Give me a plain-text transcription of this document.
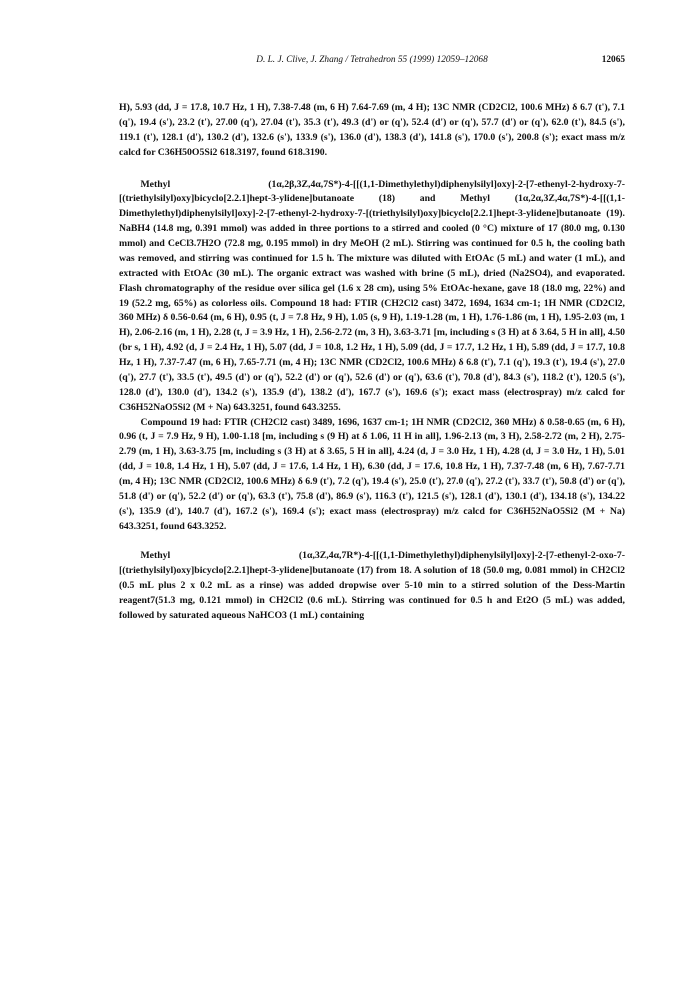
D. L. J. Clive, J. Zhang / Tetrahedron 55 (1999) 12059–12068	12065

H), 5.93 (dd, J = 17.8, 10.7 Hz, 1 H), 7.38-7.48 (m, 6 H) 7.64-7.69 (m, 4 H); 13C NMR (CD2Cl2, 100.6 MHz) δ 6.7 (t'), 7.1 (q'), 19.4 (s'), 23.2 (t'), 27.00 (q'), 27.04 (t'), 35.3 (t'), 49.3 (d') or (q'), 52.4 (d') or (q'), 57.7 (d') or (q'), 62.0 (t'), 84.5 (s'), 119.1 (t'), 128.1 (d'), 130.2 (d'), 132.6 (s'), 133.9 (s'), 136.0 (d'), 138.3 (d'), 141.8 (s'), 170.0 (s'), 200.8 (s'); exact mass m/z calcd for C36H50O5Si2 618.3197, found 618.3190.

Methyl (1α,2β,3Z,4α,7S*)-4-[[(1,1-Dimethylethyl)diphenylsilyl]oxy]-2-[7-ethenyl-2-hydroxy-7-[(triethylsilyl)oxy]bicyclo[2.2.1]hept-3-ylidene]butanoate (18) and Methyl (1α,2α,3Z,4α,7S*)-4-[[(1,1-Dimethylethyl)diphenylsilyl]oxy]-2-[7-ethenyl-2-hydroxy-7-[(triethylsilyl)oxy]bicyclo[2.2.1]hept-3-ylidene]butanoate (19). NaBH4 (14.8 mg, 0.391 mmol) was added in three portions to a stirred and cooled (0 °C) mixture of 17 (80.0 mg, 0.130 mmol) and CeCl3.7H2O (72.8 mg, 0.195 mmol) in dry MeOH (2 mL). Stirring was continued for 0.5 h, the cooling bath was removed, and stirring was continued for 1.5 h. The mixture was diluted with EtOAc (5 mL) and water (1 mL), and extracted with EtOAc (30 mL). The organic extract was washed with brine (5 mL), dried (Na2SO4), and evaporated. Flash chromatography of the residue over silica gel (1.6 x 28 cm), using 5% EtOAc-hexane, gave 18 (18.0 mg, 22%) and 19 (52.2 mg, 65%) as colorless oils. Compound 18 had: FTIR (CH2Cl2 cast) 3472, 1694, 1634 cm-1; 1H NMR (CD2Cl2, 360 MHz) δ 0.56-0.64 (m, 6 H), 0.95 (t, J = 7.8 Hz, 9 H), 1.05 (s, 9 H), 1.19-1.28 (m, 1 H), 1.76-1.86 (m, 1 H), 1.95-2.03 (m, 1 H), 2.06-2.16 (m, 1 H), 2.28 (t, J = 3.9 Hz, 1 H), 2.56-2.72 (m, 3 H), 3.63-3.71 [m, including s (3 H) at δ 3.64, 5 H in all], 4.50 (br s, 1 H), 4.92 (d, J = 2.4 Hz, 1 H), 5.07 (dd, J = 10.8, 1.2 Hz, 1 H), 5.09 (dd, J = 17.7, 1.2 Hz, 1 H), 5.89 (dd, J = 17.7, 10.8 Hz, 1 H), 7.37-7.47 (m, 6 H), 7.65-7.71 (m, 4 H); 13C NMR (CD2Cl2, 100.6 MHz) δ 6.8 (t'), 7.1 (q'), 19.3 (t'), 19.4 (s'), 27.0 (q'), 27.7 (t'), 33.5 (t'), 49.5 (d') or (q'), 52.2 (d') or (q'), 52.6 (d') or (q'), 63.6 (t'), 70.8 (d'), 84.3 (s'), 118.2 (t'), 120.5 (s'), 128.0 (d'), 130.0 (d'), 134.2 (s'), 135.9 (d'), 138.2 (d'), 167.7 (s'), 169.6 (s'); exact mass (electrospray) m/z calcd for C36H52NaO5Si2 (M + Na) 643.3251, found 643.3255.

Compound 19 had: FTIR (CH2Cl2 cast) 3489, 1696, 1637 cm-1; 1H NMR (CD2Cl2, 360 MHz) δ 0.58-0.65 (m, 6 H), 0.96 (t, J = 7.9 Hz, 9 H), 1.00-1.18 [m, including s (9 H) at δ 1.06, 11 H in all], 1.96-2.13 (m, 3 H), 2.58-2.72 (m, 2 H), 2.75-2.79 (m, 1 H), 3.63-3.75 [m, including s (3 H) at δ 3.65, 5 H in all], 4.24 (d, J = 3.0 Hz, 1 H), 4.28 (d, J = 3.0 Hz, 1 H), 5.01 (dd, J = 10.8, 1.4 Hz, 1 H), 5.07 (dd, J = 17.6, 1.4 Hz, 1 H), 6.30 (dd, J = 17.6, 10.8 Hz, 1 H), 7.37-7.48 (m, 6 H), 7.67-7.71 (m, 4 H); 13C NMR (CD2Cl2, 100.6 MHz) δ 6.9 (t'), 7.2 (q'), 19.4 (s'), 25.0 (t'), 27.0 (q'), 27.2 (t'), 33.7 (t'), 50.8 (d') or (q'), 51.8 (d') or (q'), 52.2 (d') or (q'), 63.3 (t'), 75.8 (d'), 86.9 (s'), 116.3 (t'), 121.5 (s'), 128.1 (d'), 130.1 (d'), 134.18 (s'), 134.22 (s'), 135.9 (d'), 140.7 (d'), 167.2 (s'), 169.4 (s'); exact mass (electrospray) m/z calcd for C36H52NaO5Si2 (M + Na) 643.3251, found 643.3252.

Methyl (1α,3Z,4α,7R*)-4-[[(1,1-Dimethylethyl)diphenylsilyl]oxy]-2-[7-ethenyl-2-oxo-7-[(triethylsilyl)oxy]bicyclo[2.2.1]hept-3-ylidene]butanoate (17) from 18. A solution of 18 (50.0 mg, 0.081 mmol) in CH2Cl2 (0.5 mL plus 2 x 0.2 mL as a rinse) was added dropwise over 5-10 min to a stirred solution of the Dess-Martin reagent7(51.3 mg, 0.121 mmol) in CH2Cl2 (0.6 mL). Stirring was continued for 0.5 h and Et2O (5 mL) was added, followed by saturated aqueous NaHCO3 (1 mL) containing
